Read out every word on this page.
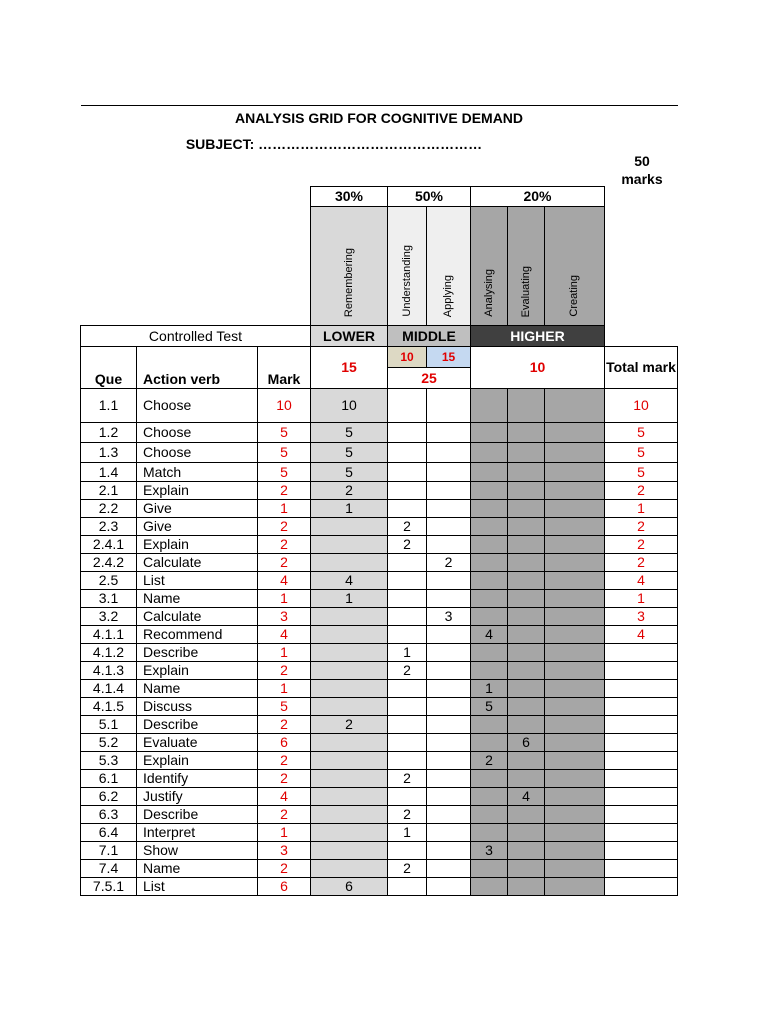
ANALYSIS GRID FOR COGNITIVE DEMAND
SUBJECT: …………………………………………
50
marks
			30%	50%		20%			
			Remembering	Understanding	Applying	Analysing	Evaluating	Creating	
Controlled Test			LOWER	MIDDLE		HIGHER			
Que	Action verb	Mark	15	10	15	10			Total mark
				25					
1.1	Choose	10	10						10
1.2	Choose	5	5						5
1.3	Choose	5	5						5
1.4	Match	5	5						5
2.1	Explain	2	2						2
2.2	Give	1	1						1
2.3	Give	2		2					2
2.4.1	Explain	2		2					2
2.4.2	Calculate	2			2				2
2.5	List	4	4						4
3.1	Name	1	1						1
3.2	Calculate	3			3				3
4.1.1	Recommend	4				4			4
4.1.2	Describe	1		1					
4.1.3	Explain	2		2					
4.1.4	Name	1				1			
4.1.5	Discuss	5				5			
5.1	Describe	2	2						
5.2	Evaluate	6					6		
5.3	Explain	2				2			
6.1	Identify	2		2					
6.2	Justify	4					4		
6.3	Describe	2		2					
6.4	Interpret	1		1					
7.1	Show	3				3			
7.4	Name	2		2					
7.5.1	List	6	6						
